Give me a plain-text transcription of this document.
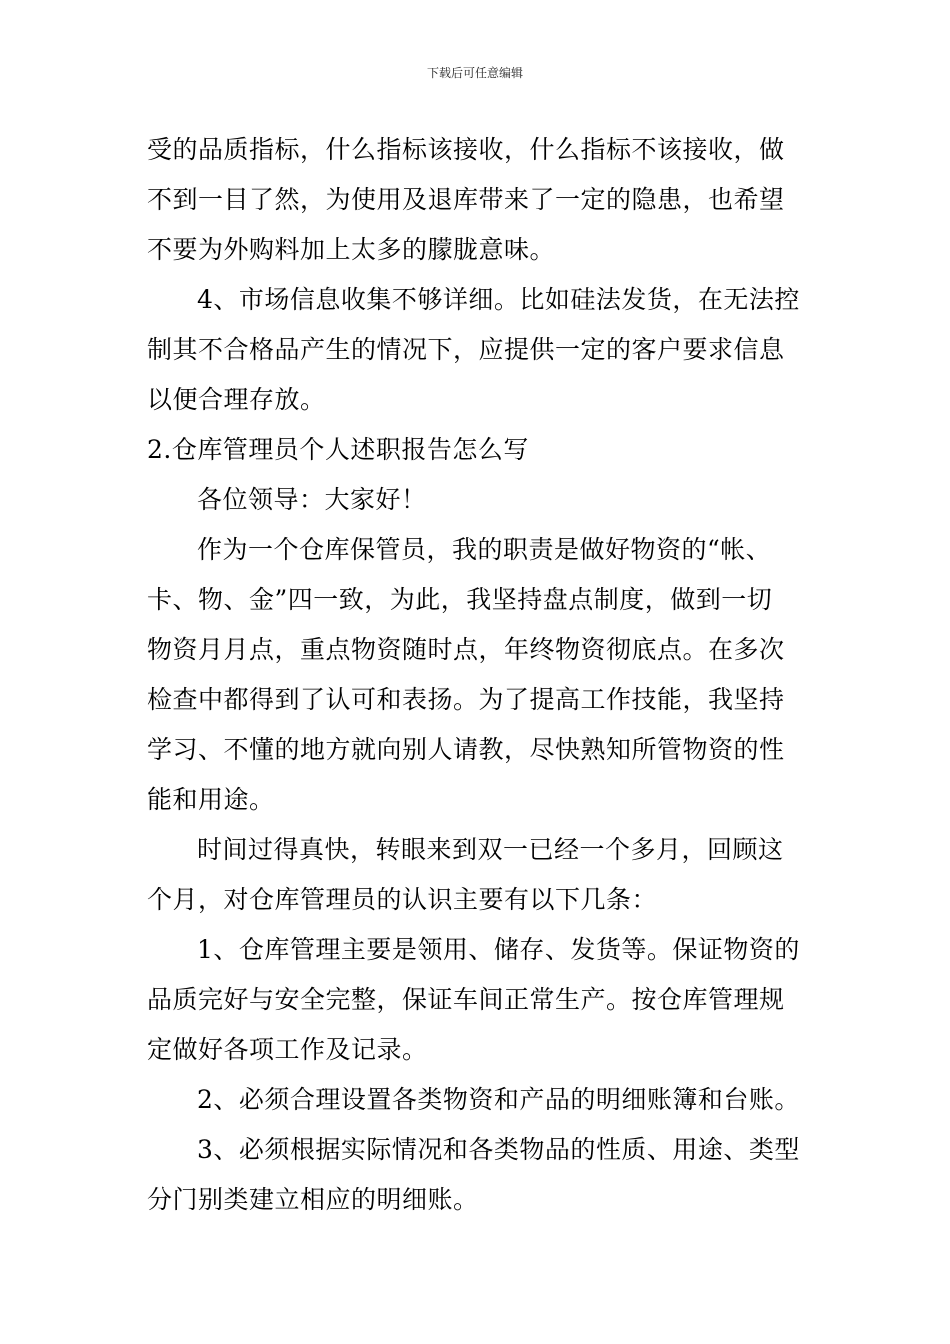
下载后可任意编辑

受的品质指标，什么指标该接收，什么指标不该接收，做

不到一目了然，为使用及退库带来了一定的隐患，也希望

不要为外购料加上太多的朦胧意味。

4、市场信息收集不够详细。比如硅法发货，在无法控

制其不合格品产生的情况下，应提供一定的客户要求信息

以便合理存放。

2.仓库管理员个人述职报告怎么写

各位领导：大家好！

作为一个仓库保管员，我的职责是做好物资的“帐、

卡、物、金”四一致，为此，我坚持盘点制度，做到一切

物资月月点，重点物资随时点，年终物资彻底点。在多次

检查中都得到了认可和表扬。为了提高工作技能，我坚持

学习、不懂的地方就向别人请教，尽快熟知所管物资的性

能和用途。

时间过得真快，转眼来到双一已经一个多月，回顾这

个月，对仓库管理员的认识主要有以下几条：

1、仓库管理主要是领用、储存、发货等。保证物资的

品质完好与安全完整，保证车间正常生产。按仓库管理规

定做好各项工作及记录。

2、必须合理设置各类物资和产品的明细账簿和台账。

3、必须根据实际情况和各类物品的性质、用途、类型

分门别类建立相应的明细账。
